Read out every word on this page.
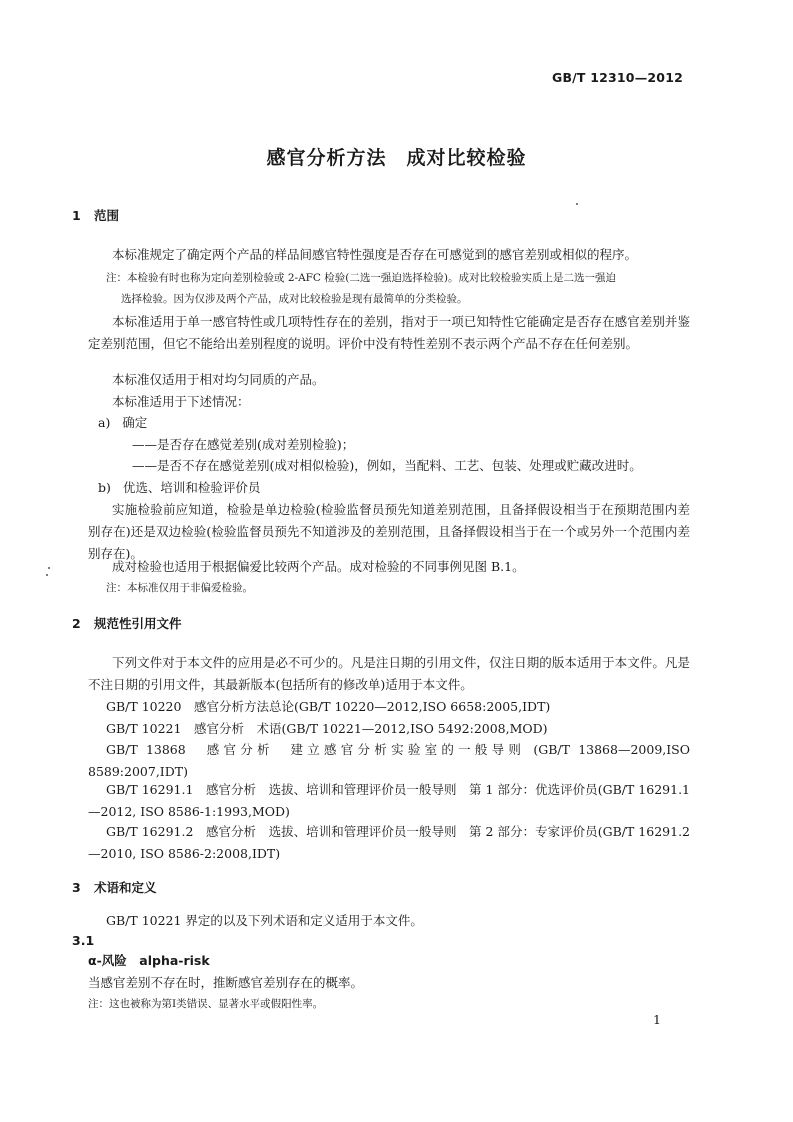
GB/T 12310—2012
感官分析方法　成对比较检验
1 范围
本标准规定了确定两个产品的样品间感官特性强度是否存在可感觉到的感官差别或相似的程序。
注：本检验有时也称为定向差别检验或 2-AFC 检验(二选一强迫选择检验)。成对比较检验实质上是二选一强迫
选择检验。因为仅涉及两个产品，成对比较检验是现有最简单的分类检验。
本标准适用于单一感官特性或几项特性存在的差别，指对于一项已知特性它能确定是否存在感官差别并鉴定差别范围，但它不能给出差别程度的说明。评价中没有特性差别不表示两个产品不存在任何差别。
本标准仅适用于相对均匀同质的产品。
本标准适用于下述情况：
a) 确定
——是否存在感觉差别(成对差别检验)；
——是否不存在感觉差别(成对相似检验)，例如，当配料、工艺、包装、处理或贮藏改进时。
b) 优选、培训和检验评价员
实施检验前应知道，检验是单边检验(检验监督员预先知道差别范围，且备择假设相当于在预期范围内差别存在)还是双边检验(检验监督员预先不知道涉及的差别范围，且备择假设相当于在一个或另外一个范围内差别存在)。
成对检验也适用于根据偏爱比较两个产品。成对检验的不同事例见图 B.1。
注：本标准仅用于非偏爱检验。
2 规范性引用文件
下列文件对于本文件的应用是必不可少的。凡是注日期的引用文件，仅注日期的版本适用于本文件。凡是不注日期的引用文件，其最新版本(包括所有的修改单)适用于本文件。
GB/T 10220　感官分析方法总论(GB/T 10220—2012,ISO 6658:2005,IDT)
GB/T 10221　感官分析　术语(GB/T 10221—2012,ISO 5492:2008,MOD)
GB/T 13868　感官分析　建立感官分析实验室的一般导则 (GB/T 13868—2009,ISO 8589:2007,IDT)
GB/T 16291.1　感官分析　选拔、培训和管理评价员一般导则　第 1 部分：优选评价员(GB/T 16291.1—2012, ISO 8586-1:1993,MOD)
GB/T 16291.2　感官分析　选拔、培训和管理评价员一般导则　第 2 部分：专家评价员(GB/T 16291.2—2010, ISO 8586-2:2008,IDT)
3 术语和定义
GB/T 10221 界定的以及下列术语和定义适用于本文件。
3.1
α-风险　alpha-risk
当感官差别不存在时，推断感官差别存在的概率。
注：这也被称为第Ⅰ类错误、显著水平或假阳性率。
1
